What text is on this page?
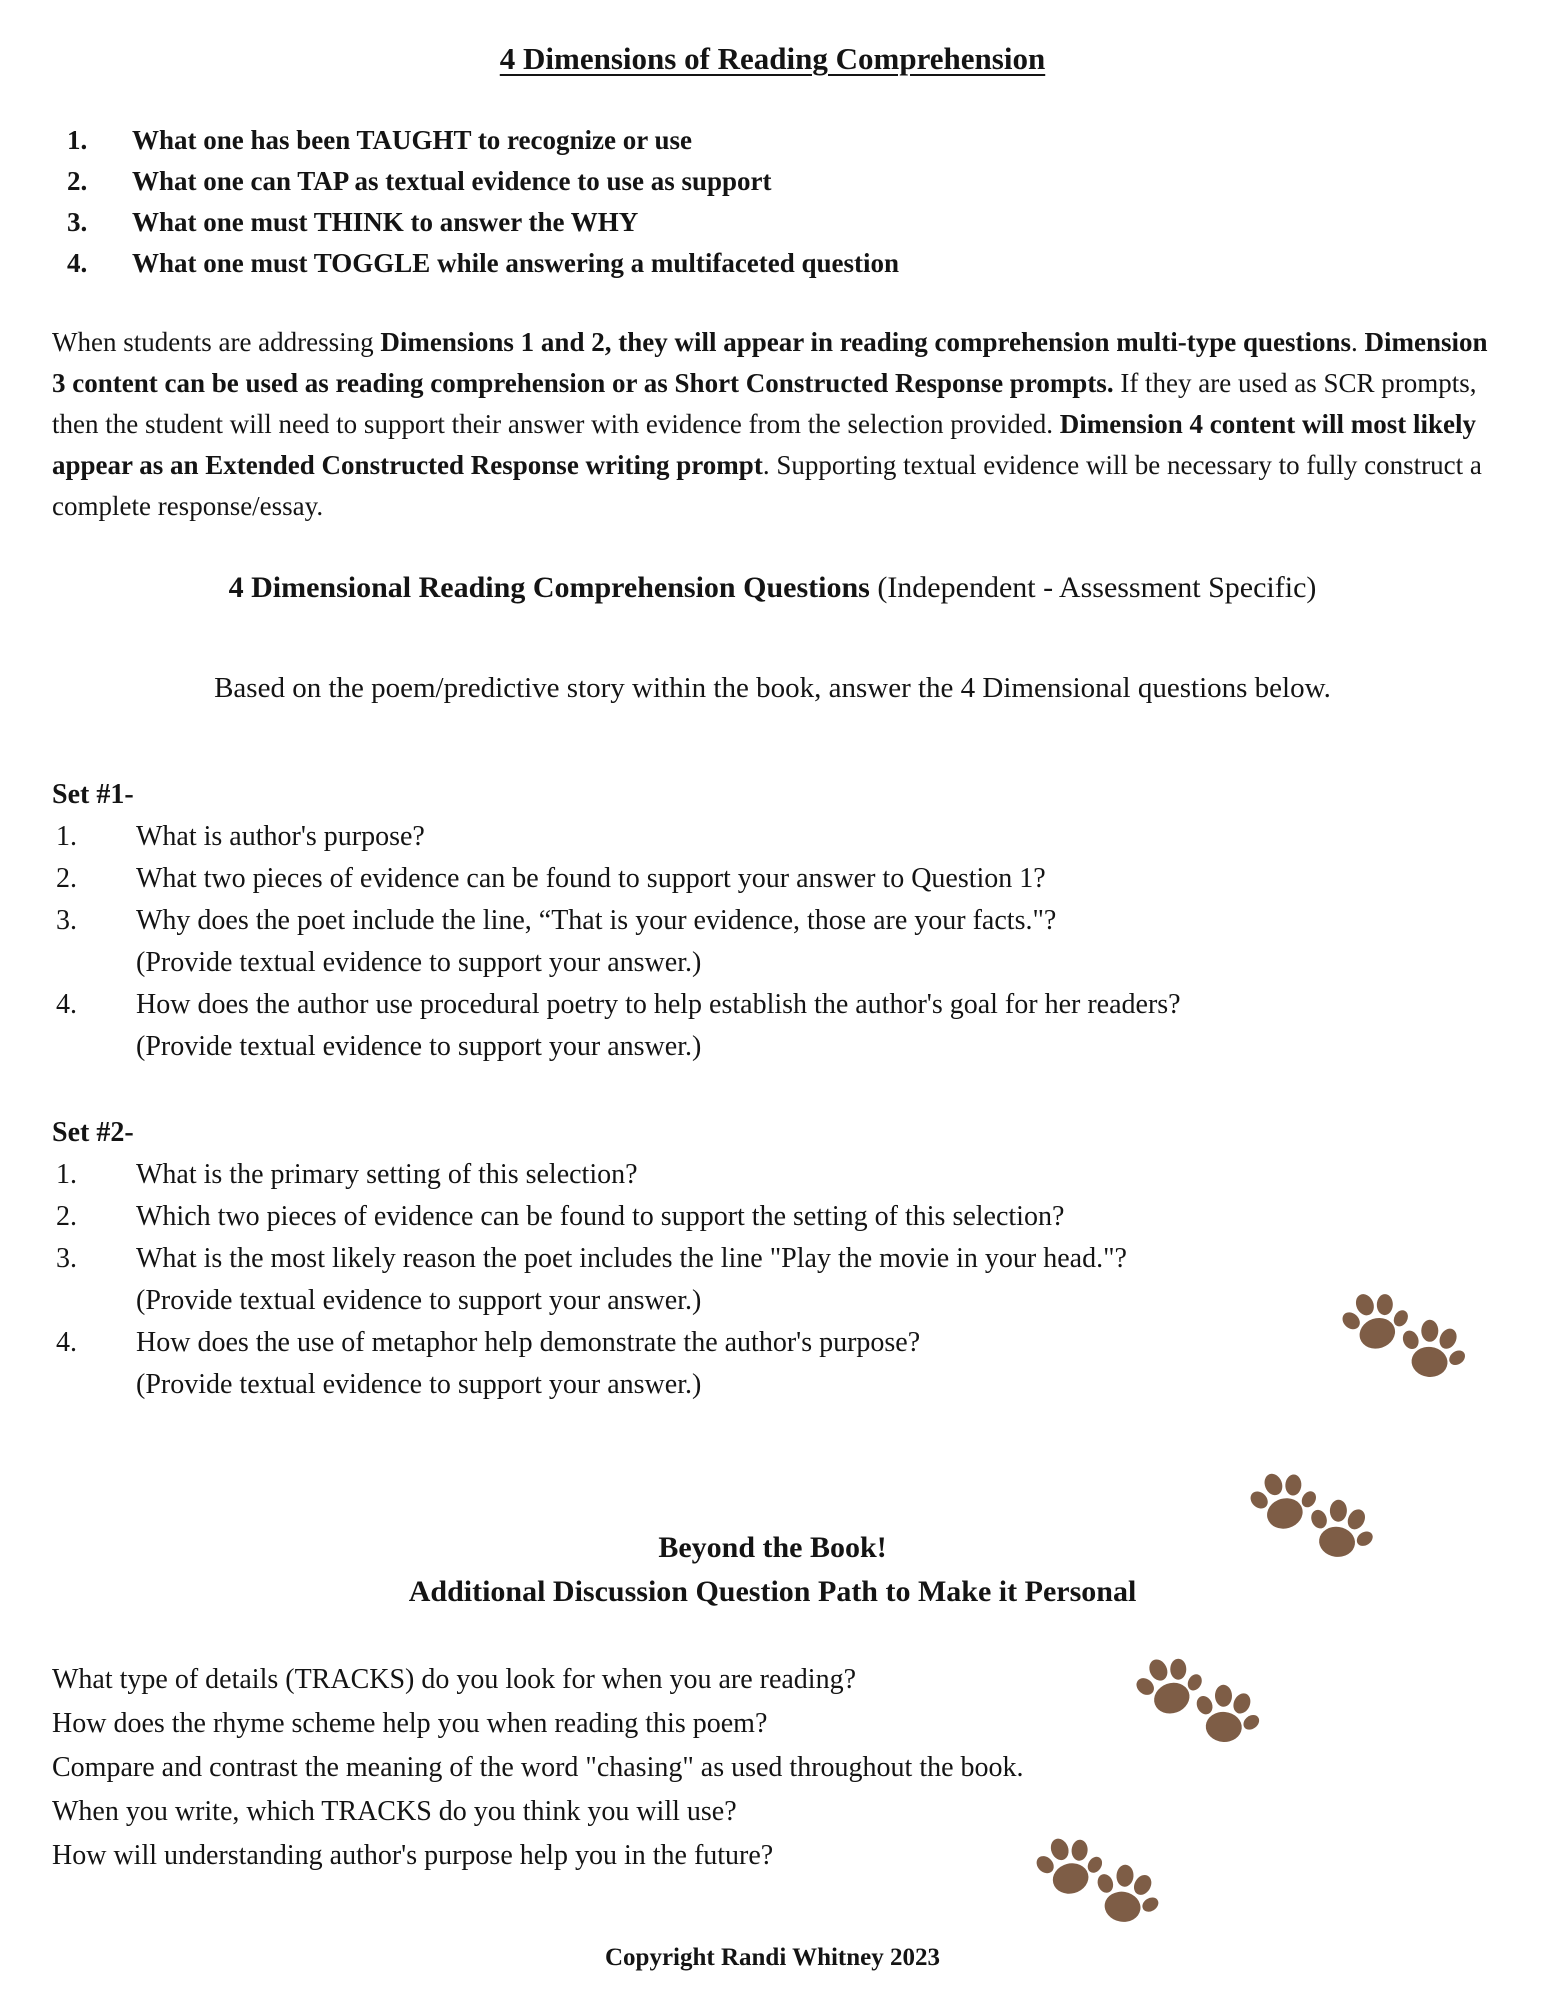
4 Dimensions of Reading Comprehension
1.	What one has been TAUGHT to recognize or use
2.	What one can TAP as textual evidence to use as support
3.	What one must THINK to answer the WHY
4.	What one must TOGGLE while answering a multifaceted question
When students are addressing Dimensions 1 and 2, they will appear in reading comprehension multi-type questions. Dimension 3 content can be used as reading comprehension or as Short Constructed Response prompts. If they are used as SCR prompts, then the student will need to support their answer with evidence from the selection provided. Dimension 4 content will most likely appear as an Extended Constructed Response writing prompt. Supporting textual evidence will be necessary to fully construct a complete response/essay.
4 Dimensional Reading Comprehension Questions (Independent - Assessment Specific)
Based on the poem/predictive story within the book, answer the 4 Dimensional questions below.
Set #1-
1.	What is author's purpose?
2.	What two pieces of evidence can be found to support your answer to Question 1?
3.	Why does the poet include the line, “That is your evidence, those are your facts."?
(Provide textual evidence to support your answer.)
4.	How does the author use procedural poetry to help establish the author's goal for her readers?
(Provide textual evidence to support your answer.)
Set #2-
1.	What is the primary setting of this selection?
2.	Which two pieces of evidence can be found to support the setting of this selection?
3.	What is the most likely reason the poet includes the line "Play the movie in your head."?
(Provide textual evidence to support your answer.)
4.	How does the use of metaphor help demonstrate the author's purpose?
(Provide textual evidence to support your answer.)
Beyond the Book!
Additional Discussion Question Path to Make it Personal
What type of details (TRACKS) do you look for when you are reading?
How does the rhyme scheme help you when reading this poem?
Compare and contrast the meaning of the word "chasing" as used throughout the book.
When you write, which TRACKS do you think you will use?
How will understanding author's purpose help you in the future?
Copyright Randi Whitney 2023
